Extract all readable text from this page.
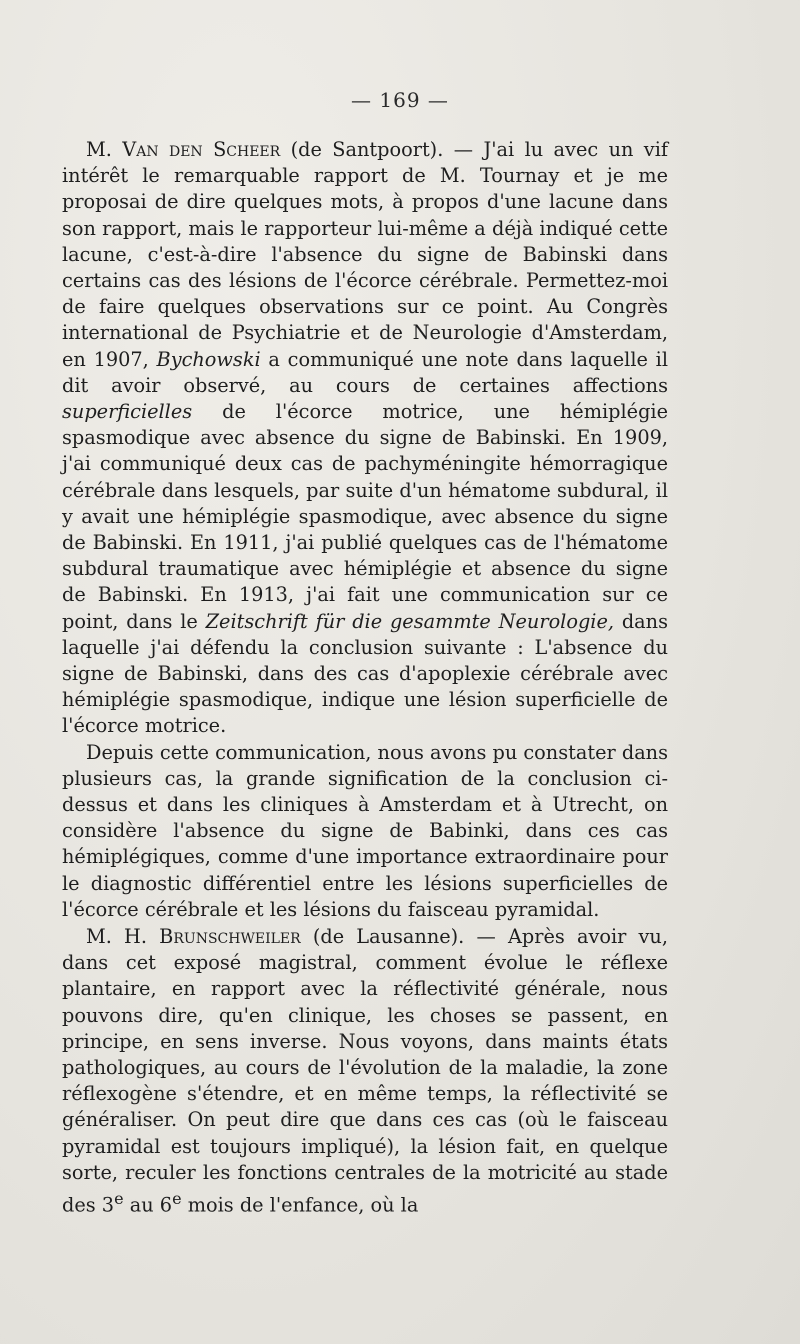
— 169 —

M. Van den Scheer (de Santpoort). — J'ai lu avec un vif intérêt le remarquable rapport de M. Tournay et je me proposai de dire quelques mots, à propos d'une lacune dans son rapport, mais le rapporteur lui-même a déjà indiqué cette lacune, c'est-à-dire l'absence du signe de Babinski dans certains cas des lésions de l'écorce cérébrale. Permettez-moi de faire quelques observations sur ce point. Au Congrès international de Psychiatrie et de Neurologie d'Amsterdam, en 1907, Bychowski a communiqué une note dans laquelle il dit avoir observé, au cours de certaines affections superficielles de l'écorce motrice, une hémiplégie spasmodique avec absence du signe de Babinski. En 1909, j'ai communiqué deux cas de pachyméningite hémorragique cérébrale dans lesquels, par suite d'un hématome subdural, il y avait une hémiplégie spasmodique, avec absence du signe de Babinski. En 1911, j'ai publié quelques cas de l'hématome subdural traumatique avec hémiplégie et absence du signe de Babinski. En 1913, j'ai fait une communication sur ce point, dans le Zeitschrift für die gesammte Neurologie, dans laquelle j'ai défendu la conclusion suivante : L'absence du signe de Babinski, dans des cas d'apoplexie cérébrale avec hémiplégie spasmodique, indique une lésion superficielle de l'écorce motrice.

Depuis cette communication, nous avons pu constater dans plusieurs cas, la grande signification de la conclusion ci-dessus et dans les cliniques à Amsterdam et à Utrecht, on considère l'absence du signe de Babinki, dans ces cas hémiplégiques, comme d'une importance extraordinaire pour le diagnostic différentiel entre les lésions superficielles de l'écorce cérébrale et les lésions du faisceau pyramidal.

M. H. Brunschweiler (de Lausanne). — Après avoir vu, dans cet exposé magistral, comment évolue le réflexe plantaire, en rapport avec la réflectivité générale, nous pouvons dire, qu'en clinique, les choses se passent, en principe, en sens inverse. Nous voyons, dans maints états pathologiques, au cours de l'évolution de la maladie, la zone réflexogène s'étendre, et en même temps, la réflectivité se généraliser. On peut dire que dans ces cas (où le faisceau pyramidal est toujours impliqué), la lésion fait, en quelque sorte, reculer les fonctions centrales de la motricité au stade des 3e au 6e mois de l'enfance, où la
